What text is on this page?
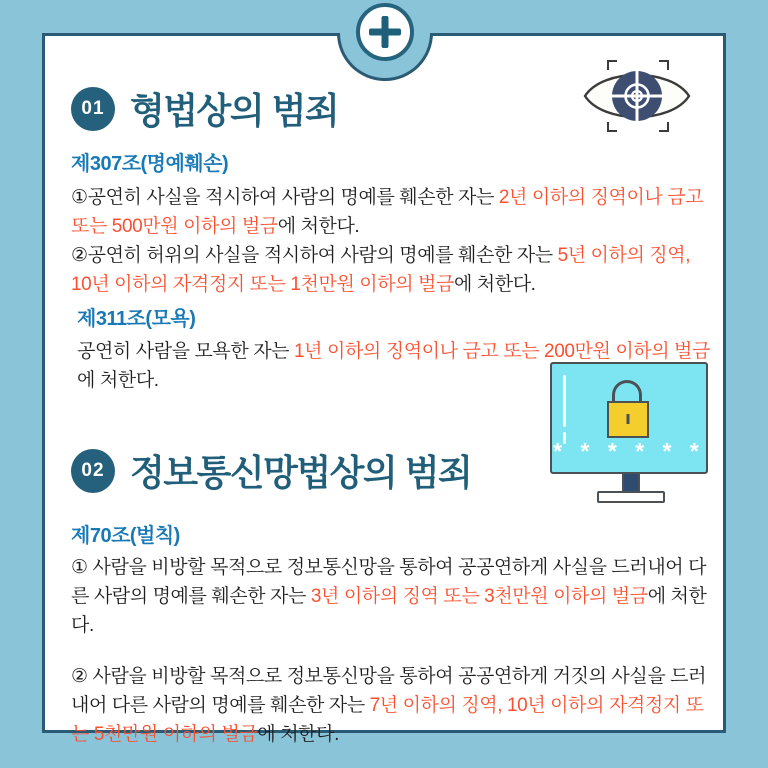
01 형법상의 범죄
제307조(명예훼손)
①공연히 사실을 적시하여 사람의 명예를 훼손한 자는 2년 이하의 징역이나 금고 또는 500만원 이하의 벌금에 처한다.
②공연히 허위의 사실을 적시하여 사람의 명예를 훼손한 자는 5년 이하의 징역, 10년 이하의 자격정지 또는 1천만원 이하의 벌금에 처한다.
제311조(모욕)
공연히 사람을 모욕한 자는 1년 이하의 징역이나 금고 또는 200만원 이하의 벌금에 처한다.
02 정보통신망법상의 범죄
제70조(벌칙)
① 사람을 비방할 목적으로 정보통신망을 통하여 공공연하게 사실을 드러내어 다른 사람의 명예를 훼손한 자는 3년 이하의 징역 또는 3천만원 이하의 벌금에 처한다.
② 사람을 비방할 목적으로 정보통신망을 통하여 공공연하게 거짓의 사실을 드러내어 다른 사람의 명예를 훼손한 자는 7년 이하의 징역, 10년 이하의 자격정지 또는 5천만원 이하의 벌금에 처한다.
* * * * * *
